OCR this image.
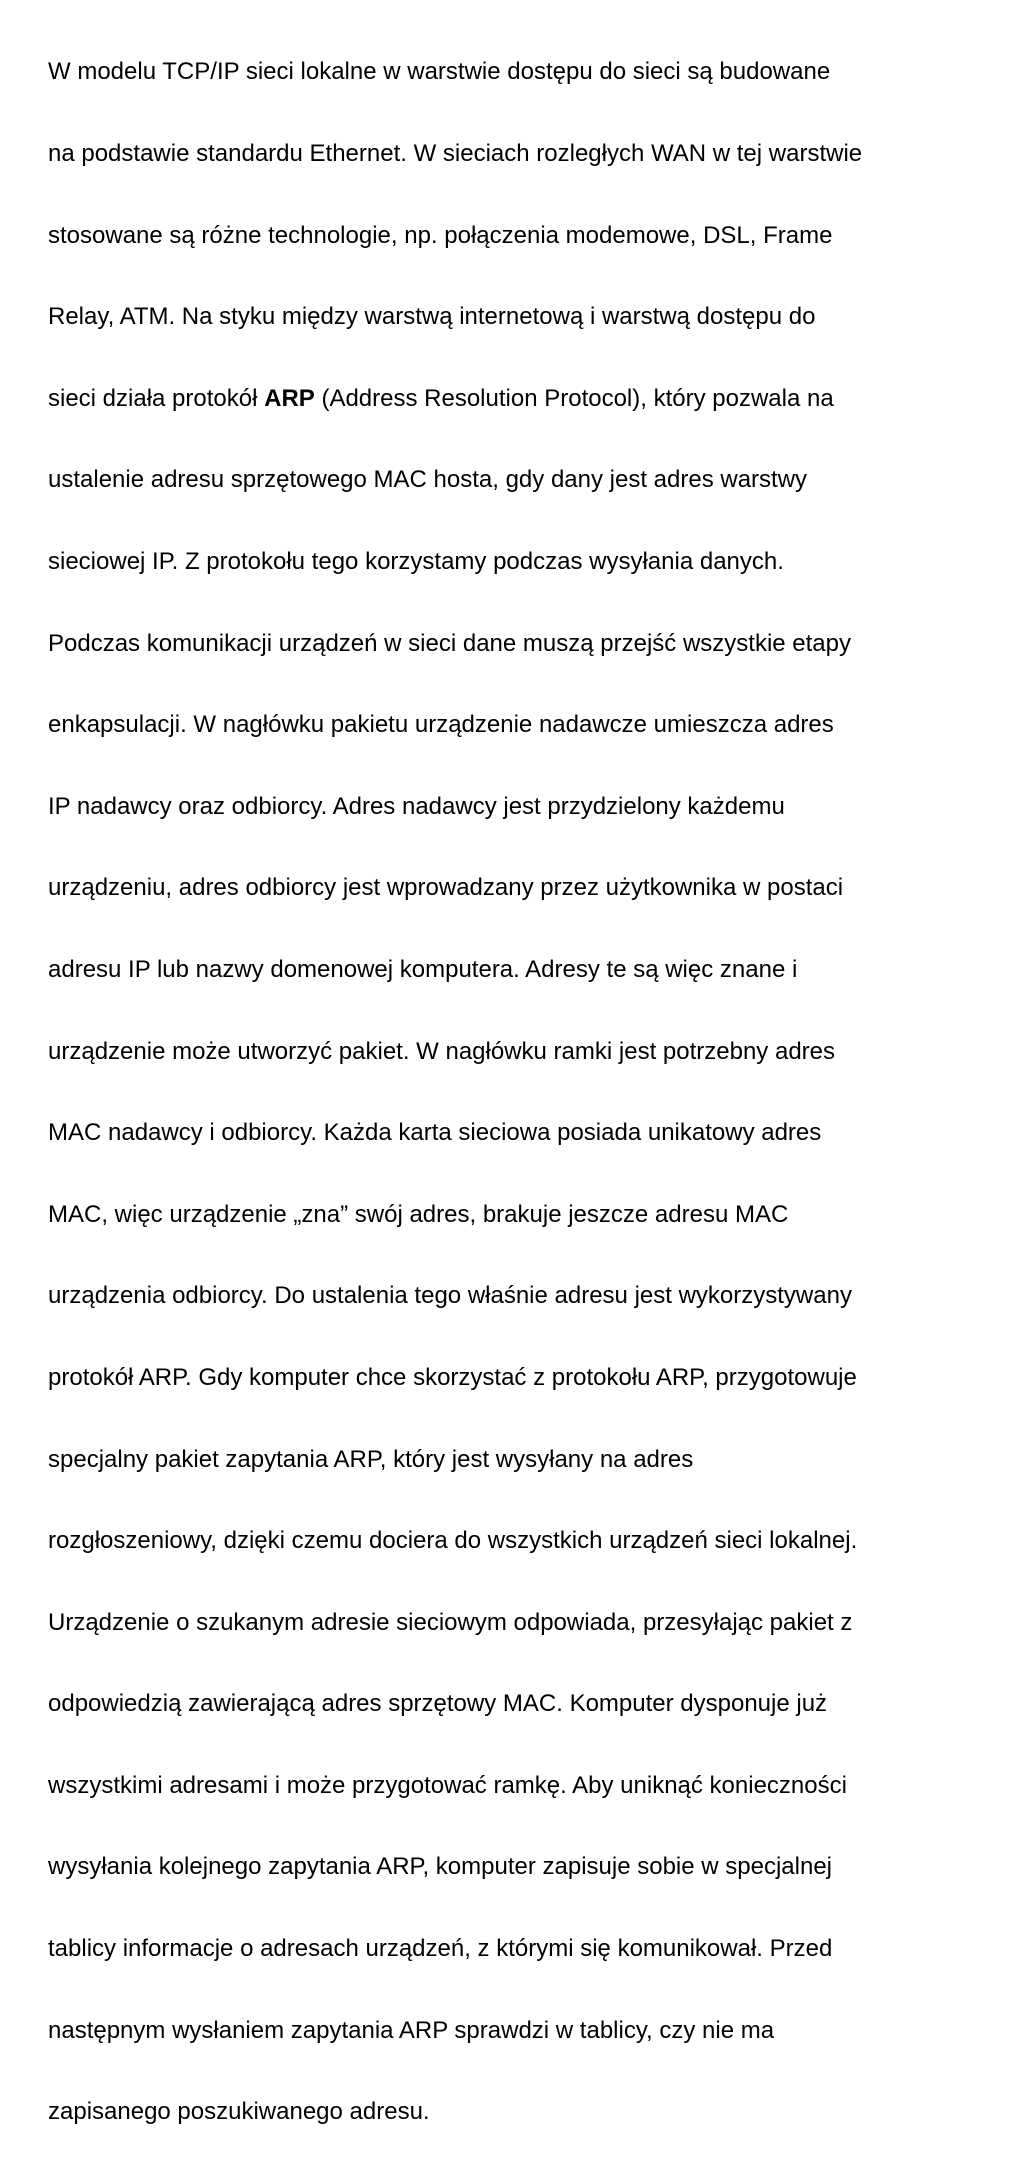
W modelu TCP/IP sieci lokalne w warstwie dostępu do sieci są budowane

na podstawie standardu Ethernet. W sieciach rozległych WAN w tej warstwie

stosowane są różne technologie, np. połączenia modemowe, DSL, Frame

Relay, ATM. Na styku między warstwą internetową i warstwą dostępu do

sieci działa protokół ARP (Address Resolution Protocol), który pozwala na

ustalenie adresu sprzętowego MAC hosta, gdy dany jest adres warstwy

sieciowej IP. Z protokołu tego korzystamy podczas wysyłania danych.

Podczas komunikacji urządzeń w sieci dane muszą przejść wszystkie etapy

enkapsulacji. W nagłówku pakietu urządzenie nadawcze umieszcza adres

IP nadawcy oraz odbiorcy. Adres nadawcy jest przydzielony każdemu

urządzeniu, adres odbiorcy jest wprowadzany przez użytkownika w postaci

adresu IP lub nazwy domenowej komputera. Adresy te są więc znane i

urządzenie może utworzyć pakiet. W nagłówku ramki jest potrzebny adres

MAC nadawcy i odbiorcy. Każda karta sieciowa posiada unikatowy adres

MAC, więc urządzenie „zna” swój adres, brakuje jeszcze adresu MAC

urządzenia odbiorcy. Do ustalenia tego właśnie adresu jest wykorzystywany

protokół ARP. Gdy komputer chce skorzystać z protokołu ARP, przygotowuje

specjalny pakiet zapytania ARP, który jest wysyłany na adres

rozgłoszeniowy, dzięki czemu dociera do wszystkich urządzeń sieci lokalnej.

Urządzenie o szukanym adresie sieciowym odpowiada, przesyłając pakiet z

odpowiedzią zawierającą adres sprzętowy MAC. Komputer dysponuje już

wszystkimi adresami i może przygotować ramkę. Aby uniknąć konieczności

wysyłania kolejnego zapytania ARP, komputer zapisuje sobie w specjalnej

tablicy informacje o adresach urządzeń, z którymi się komunikował. Przed

następnym wysłaniem zapytania ARP sprawdzi w tablicy, czy nie ma

zapisanego poszukiwanego adresu.
